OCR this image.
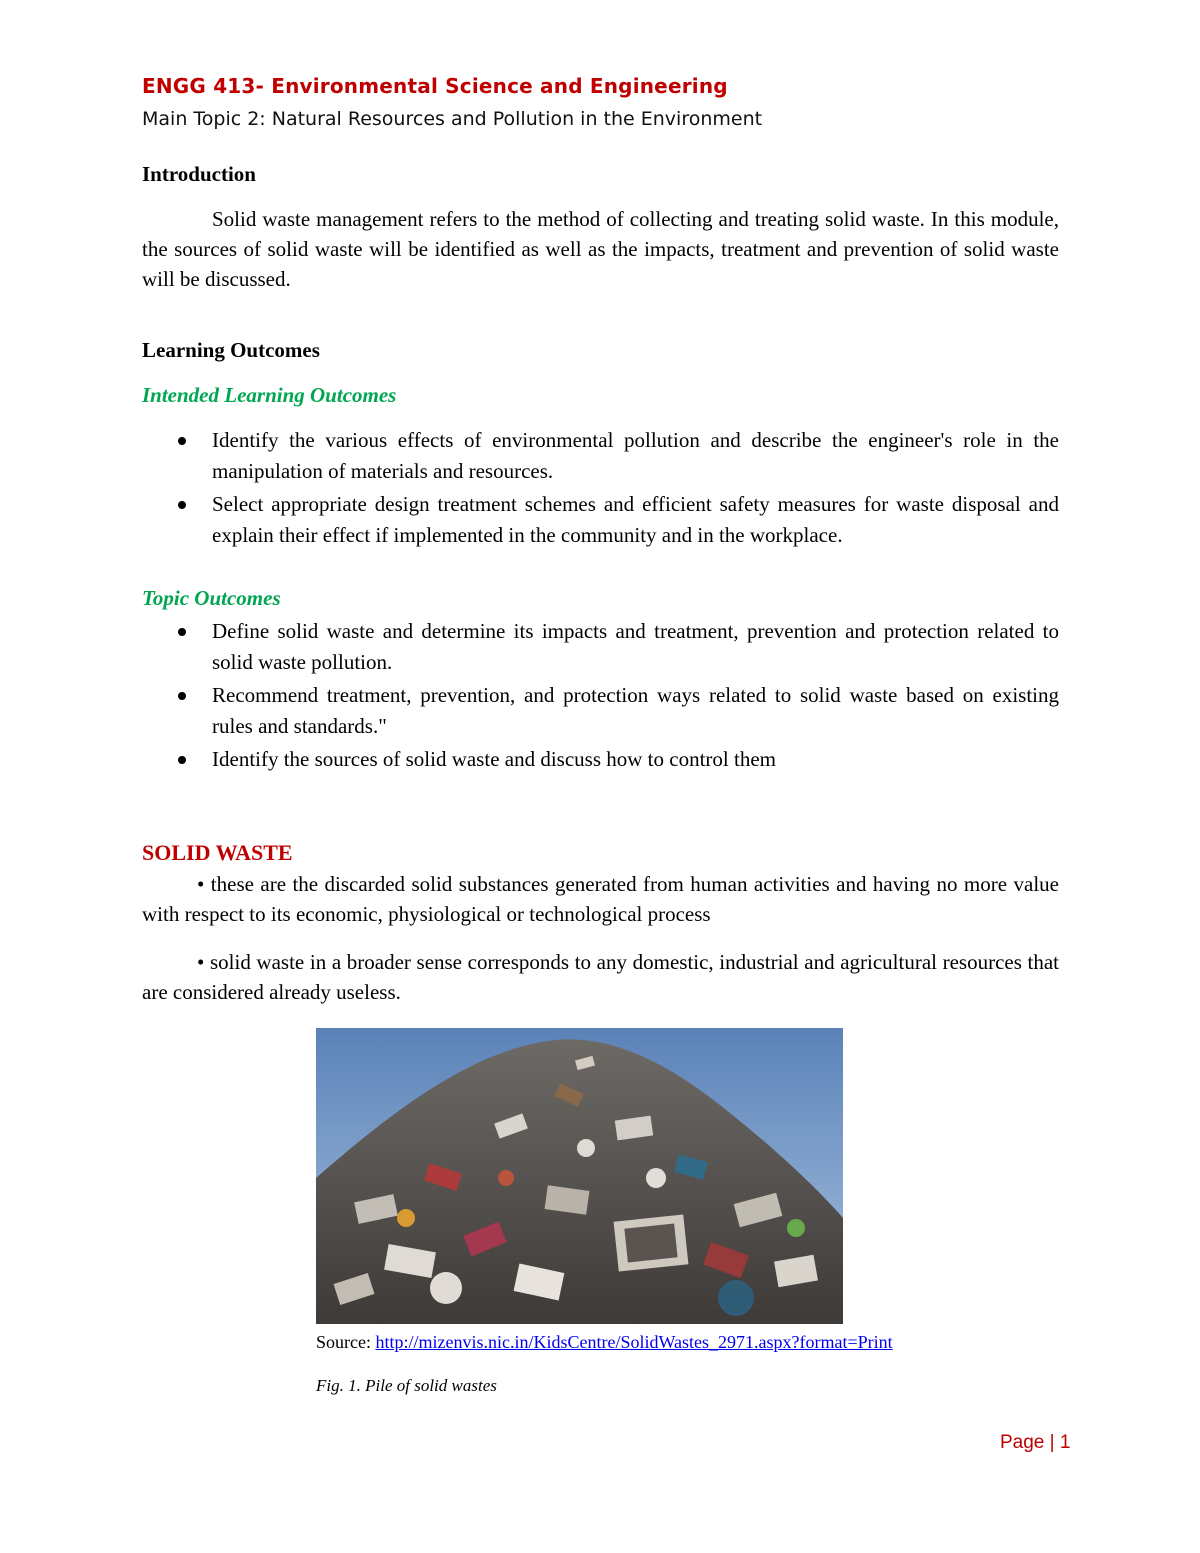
ENGG 413- Environmental Science and Engineering
Main Topic 2: Natural Resources and Pollution in the Environment
Introduction
Solid waste management refers to the method of collecting and treating solid waste. In this module, the sources of solid waste will be identified as well as the impacts, treatment and prevention of solid waste will be discussed.
Learning Outcomes
Intended Learning Outcomes
Identify the various effects of environmental pollution and describe the engineer's role in the manipulation of materials and resources.
Select appropriate design treatment schemes and efficient safety measures for waste disposal and explain their effect if implemented in the community and in the workplace.
Topic Outcomes
Define solid waste and determine its impacts and treatment, prevention and protection related to solid waste pollution.
Recommend treatment, prevention, and protection ways related to solid waste based on existing rules and standards."
Identify the sources of solid waste and discuss how to control them
SOLID WASTE
• these are the discarded solid substances generated from human activities and having no more value with respect to its economic, physiological or technological process
• solid waste in a broader sense corresponds to any domestic, industrial and agricultural resources that are considered already useless.
Source: http://mizenvis.nic.in/KidsCentre/SolidWastes_2971.aspx?format=Print
Fig. 1. Pile of solid wastes
Page | 1
